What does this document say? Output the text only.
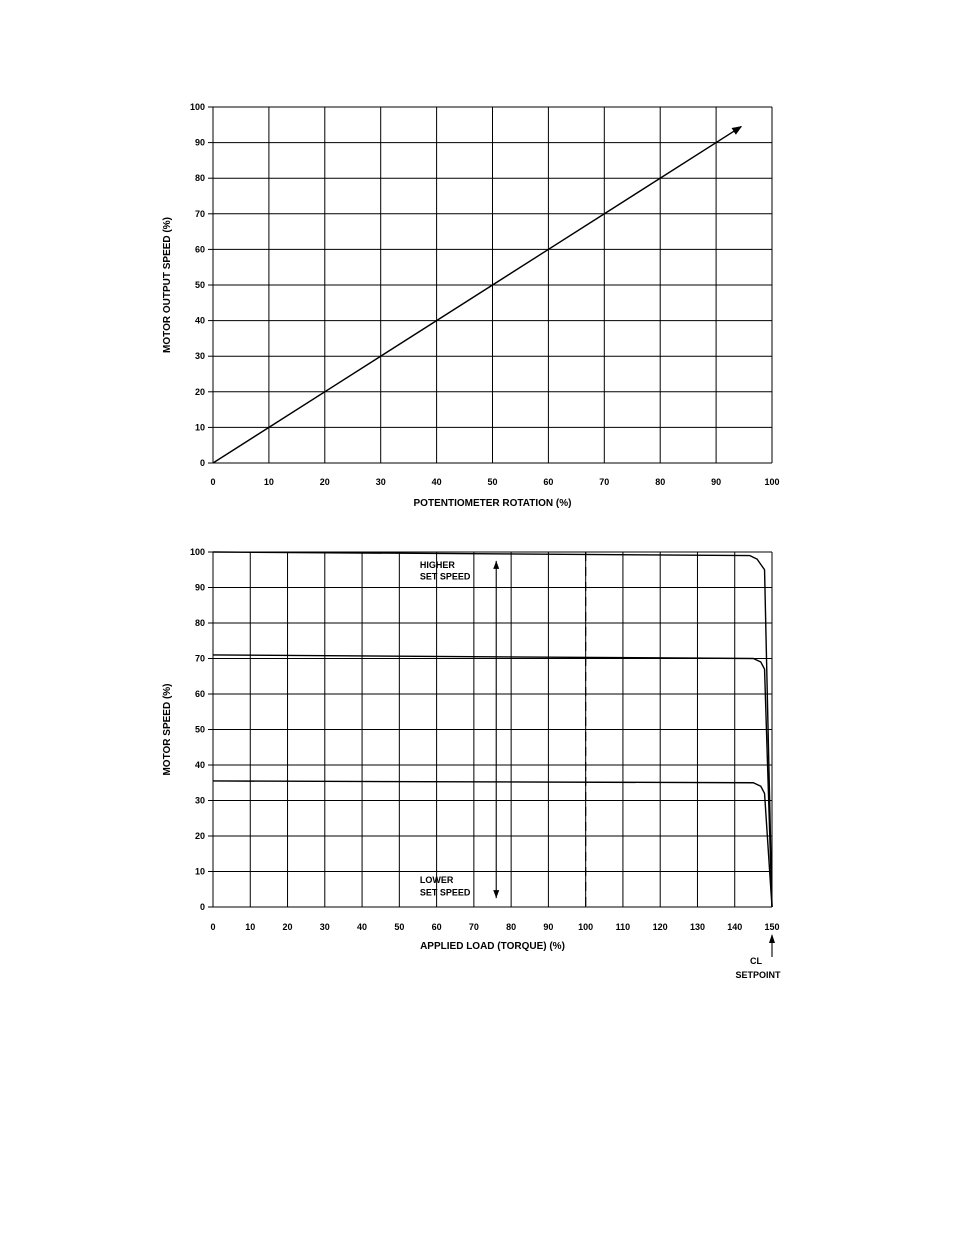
0	10	20	30	40	50	60	70	80	90	100
0
10
20
30
40
50
60
70
80
90
100
POTENTIOMETER ROTATION (%)
MOTOR OUTPUT SPEED (%)
0	10	20	30	40	50	60	70	80	90	100 110 120 130 140 150
0
10
20
30
40
50
60
70
80
90
100
APPLIED LOAD (TORQUE) (%)
MOTOR SPEED (%)
HIGHER
SET SPEED
LOWER
SET SPEED
CL
SETPOINT
